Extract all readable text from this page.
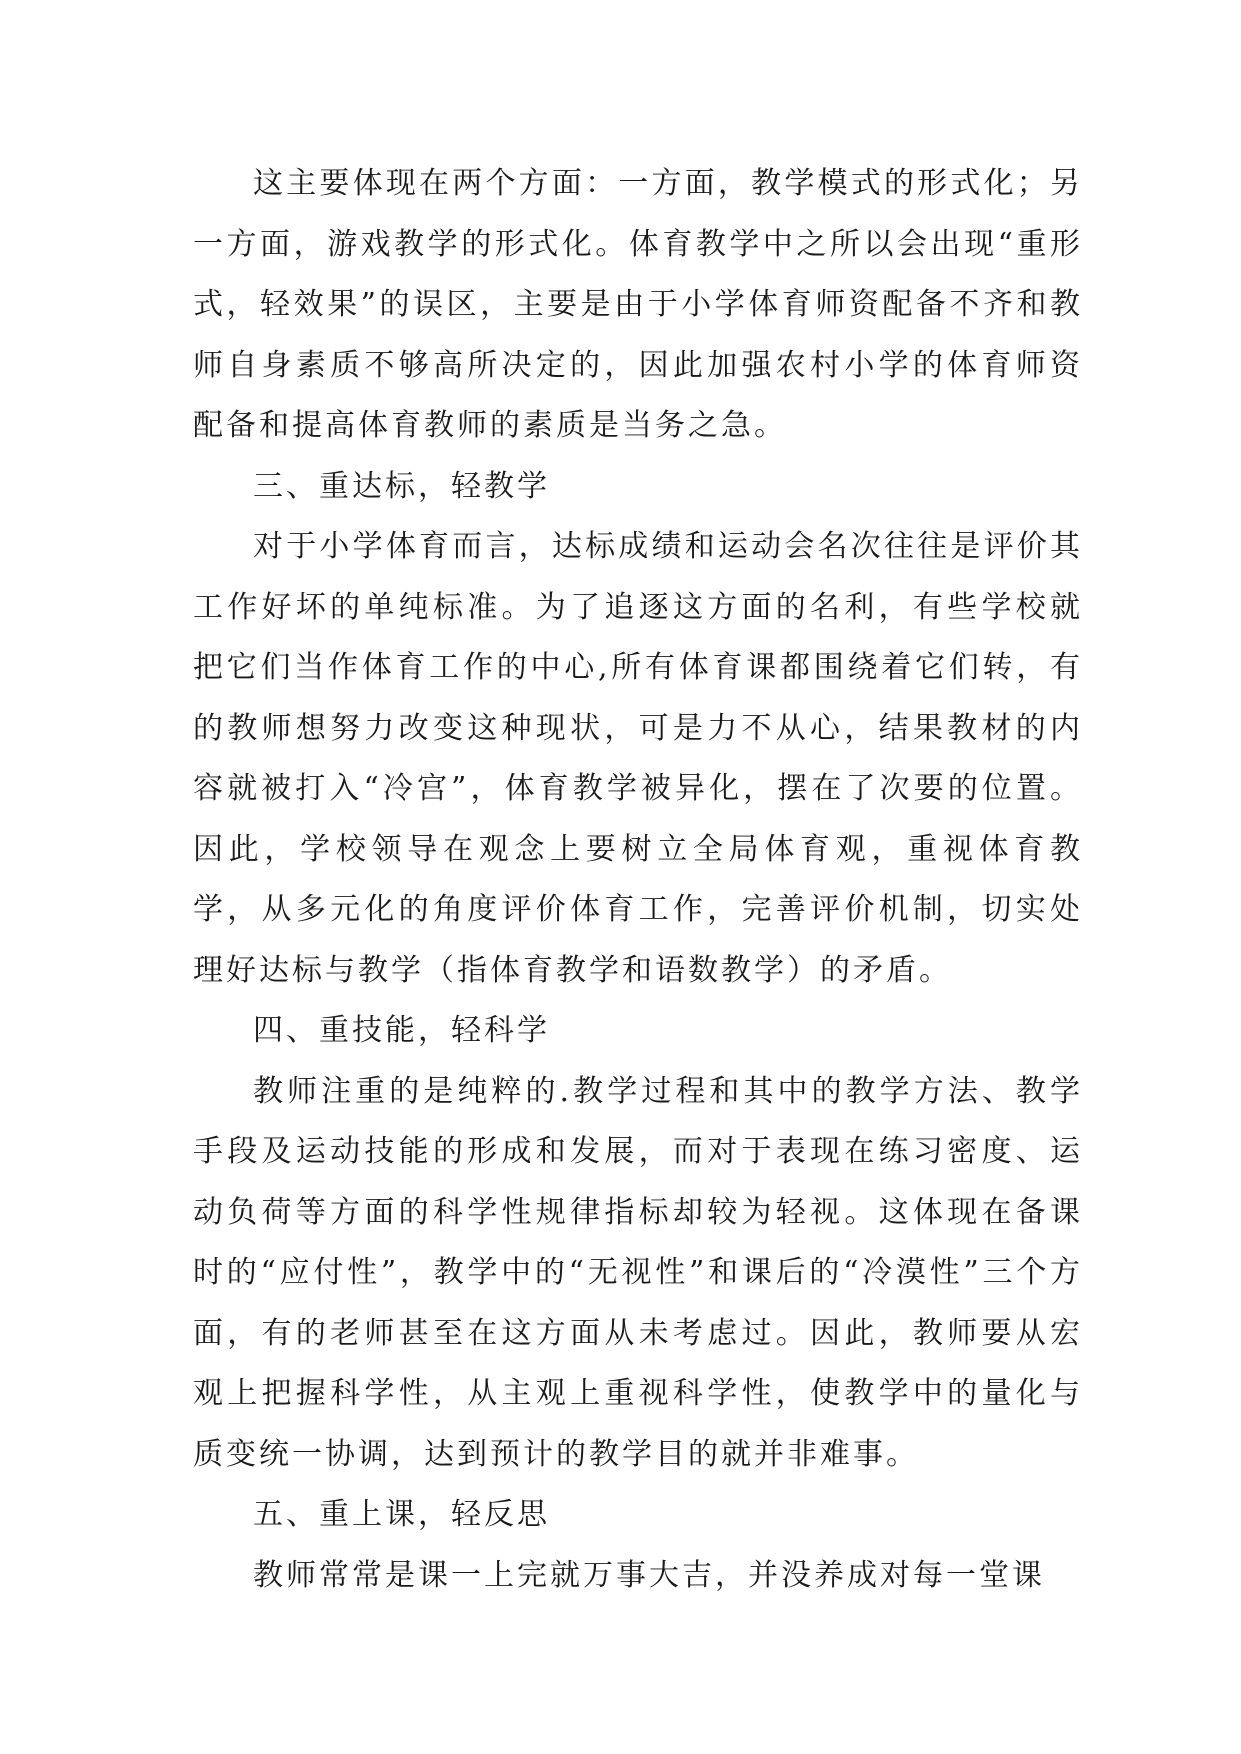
这主要体现在两个方面：一方面，教学模式的形式化；另一方面，游戏教学的形式化。体育教学中之所以会出现“重形式，轻效果”的误区，主要是由于小学体育师资配备不齐和教师自身素质不够高所决定的，因此加强农村小学的体育师资配备和提高体育教师的素质是当务之急。

三、重达标，轻教学

对于小学体育而言，达标成绩和运动会名次往往是评价其工作好坏的单纯标准。为了追逐这方面的名利，有些学校就把它们当作体育工作的中心,所有体育课都围绕着它们转，有的教师想努力改变这种现状，可是力不从心，结果教材的内容就被打入“冷宫”，体育教学被异化，摆在了次要的位置。因此，学校领导在观念上要树立全局体育观，重视体育教学，从多元化的角度评价体育工作，完善评价机制，切实处理好达标与教学（指体育教学和语数教学）的矛盾。

四、重技能，轻科学

教师注重的是纯粹的.教学过程和其中的教学方法、教学手段及运动技能的形成和发展，而对于表现在练习密度、运动负荷等方面的科学性规律指标却较为轻视。这体现在备课时的“应付性”，教学中的“无视性”和课后的“冷漠性”三个方面，有的老师甚至在这方面从未考虑过。因此，教师要从宏观上把握科学性，从主观上重视科学性，使教学中的量化与质变统一协调，达到预计的教学目的就并非难事。

五、重上课，轻反思

教师常常是课一上完就万事大吉，并没养成对每一堂课
